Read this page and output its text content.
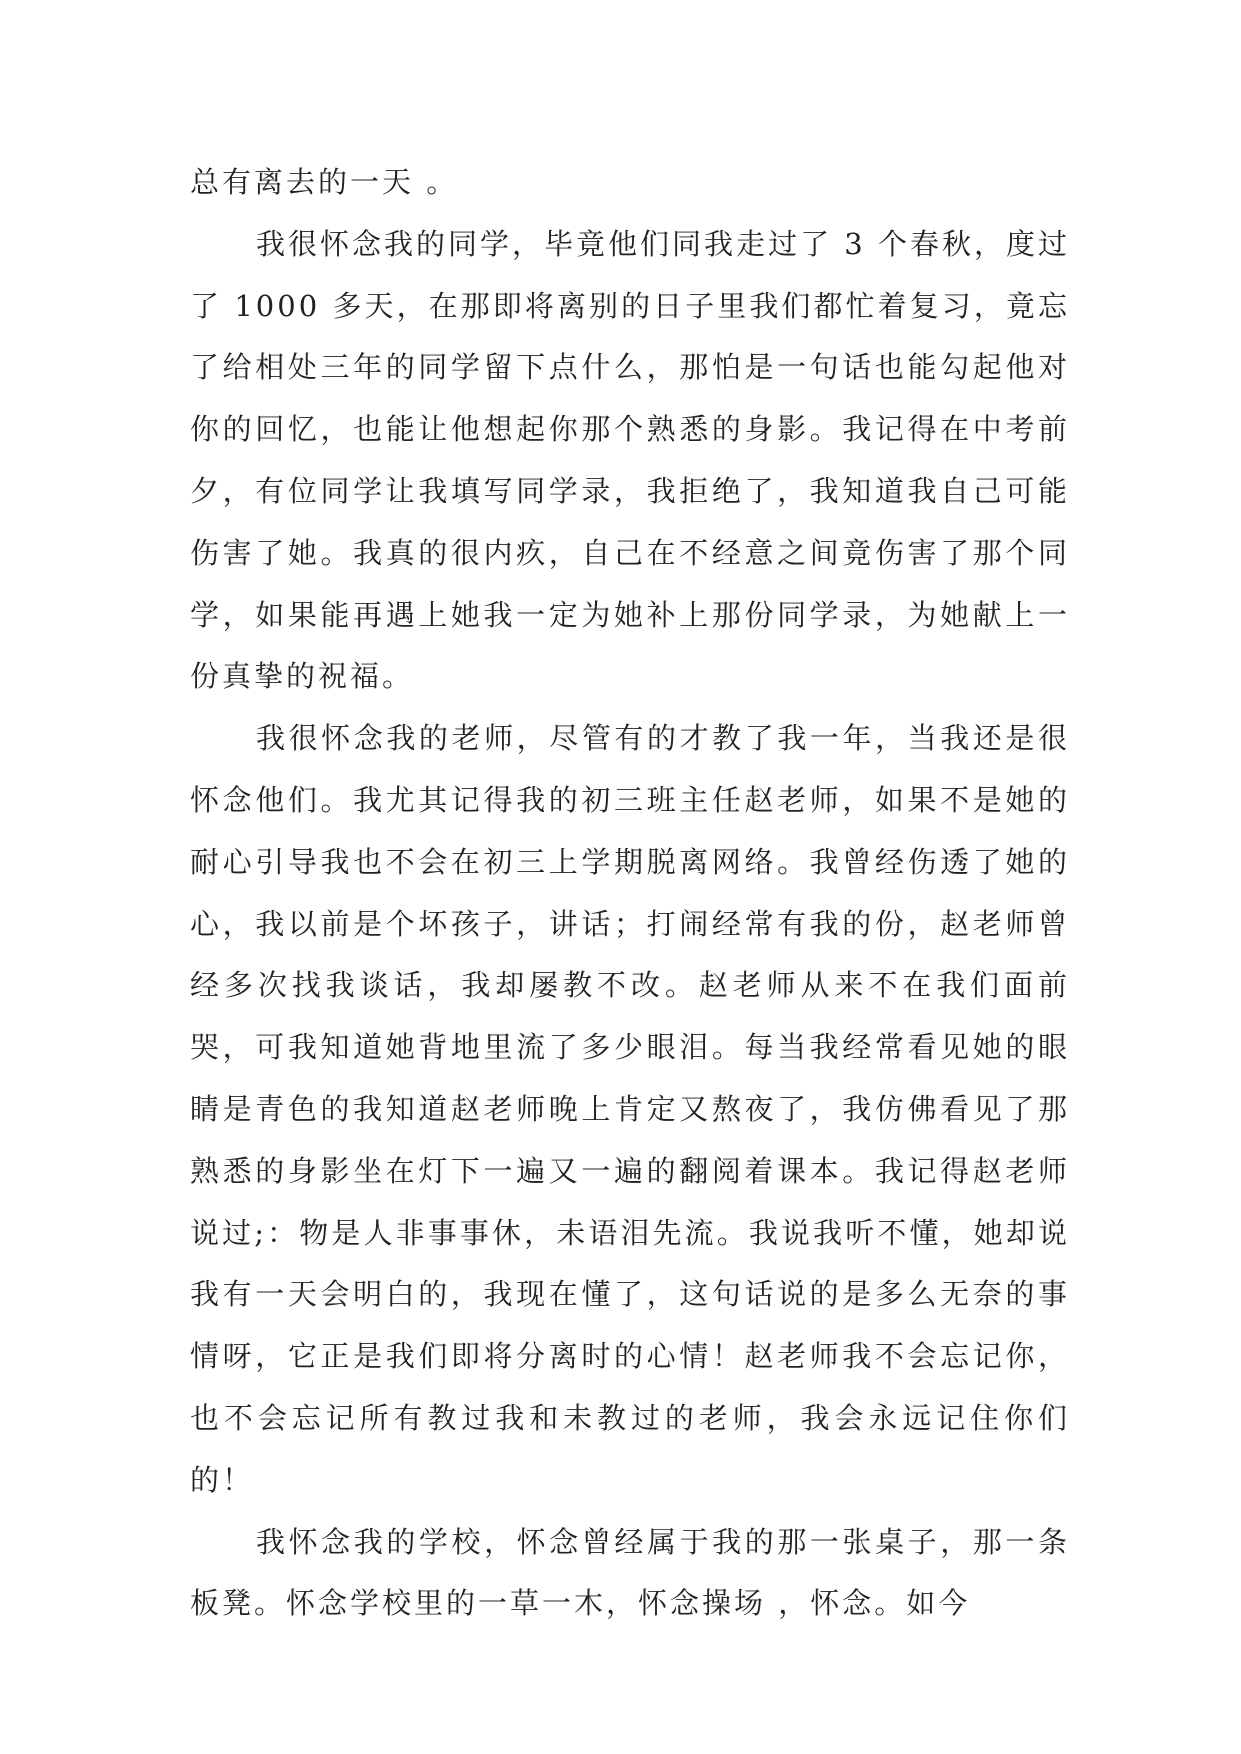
总有离去的一天 。

我很怀念我的同学，毕竟他们同我走过了 3 个春秋，度过了 1000 多天，在那即将离别的日子里我们都忙着复习，竟忘了给相处三年的同学留下点什么，那怕是一句话也能勾起他对你的回忆，也能让他想起你那个熟悉的身影。我记得在中考前夕，有位同学让我填写同学录，我拒绝了，我知道我自己可能伤害了她。我真的很内疚，自己在不经意之间竟伤害了那个同学，如果能再遇上她我一定为她补上那份同学录，为她献上一份真挚的祝福。

我很怀念我的老师，尽管有的才教了我一年，当我还是很怀念他们。我尤其记得我的初三班主任赵老师，如果不是她的耐心引导我也不会在初三上学期脱离网络。我曾经伤透了她的心，我以前是个坏孩子，讲话；打闹经常有我的份，赵老师曾经多次找我谈话，我却屡教不改。赵老师从来不在我们面前哭，可我知道她背地里流了多少眼泪。每当我经常看见她的眼睛是青色的我知道赵老师晚上肯定又熬夜了，我仿佛看见了那熟悉的身影坐在灯下一遍又一遍的翻阅着课本。我记得赵老师说过;：物是人非事事休，未语泪先流。我说我听不懂，她却说我有一天会明白的，我现在懂了，这句话说的是多么无奈的事情呀，它正是我们即将分离时的心情！赵老师我不会忘记你，也不会忘记所有教过我和未教过的老师，我会永远记住你们的！

我怀念我的学校，怀念曾经属于我的那一张桌子，那一条板凳。怀念学校里的一草一木，怀念操场 ，怀念。如今
